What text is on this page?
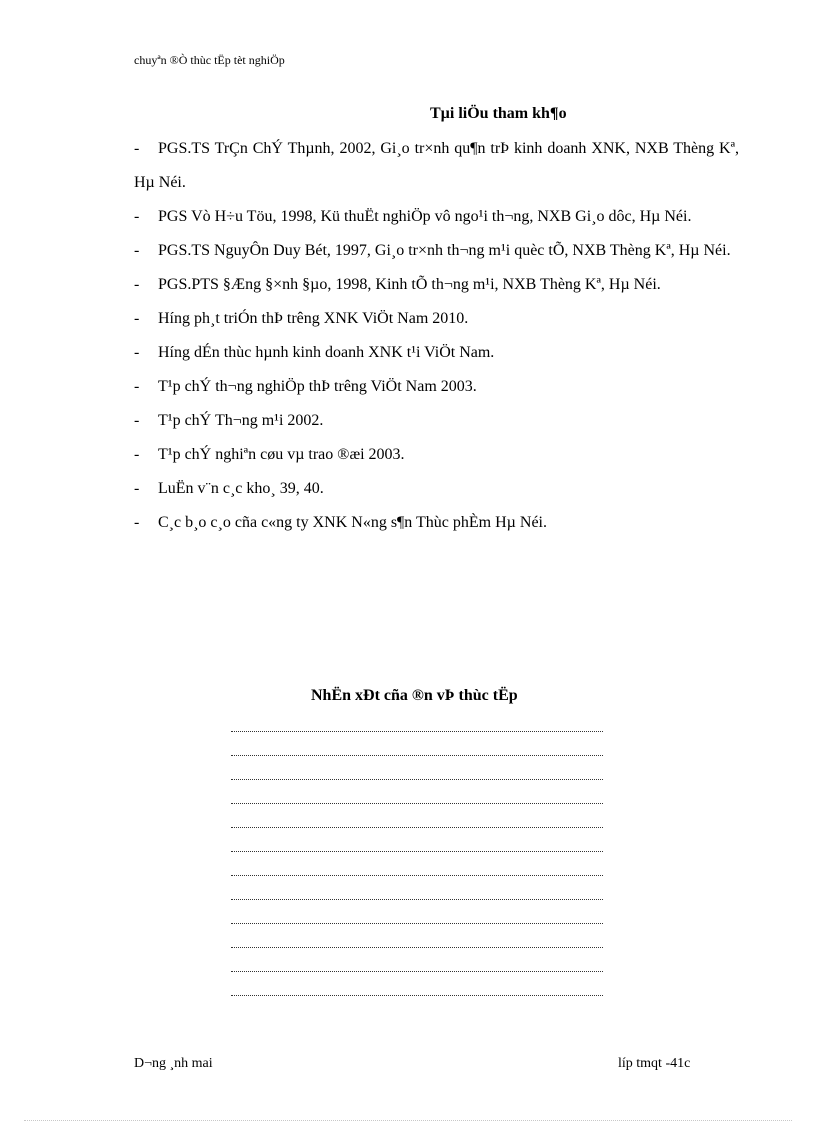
chuyªn ®Ò thùc tËp tèt nghiÖp
Tµi liÖu tham kh¶o
- PGS.TS TrÇn ChÝ Thµnh, 2002, Gi¸o tr×nh qu¶n trÞ kinh doanh XNK, NXB Thèng Kª, Hµ Néi.
- PGS Vò H÷u Töu, 1998, Kü thuËt nghiÖp vô ngo¹i th¬ng, NXB Gi¸o dôc, Hµ Néi.
- PGS.TS NguyÔn Duy Bét, 1997, Gi¸o tr×nh th¬ng m¹i quèc tÕ, NXB Thèng Kª, Hµ Néi.
- PGS.PTS §Æng §×nh §µo, 1998, Kinh tÕ th¬ng m¹i, NXB Thèng Kª, Hµ Néi.
- Híng ph¸t triÓn thÞ trêng XNK ViÖt Nam 2010.
- Híng dÉn thùc hµnh kinh doanh XNK t¹i ViÖt Nam.
- T¹p chÝ th¬ng nghiÖp thÞ trêng ViÖt Nam 2003.
- T¹p chÝ Th¬ng m¹i 2002.
- T¹p chÝ nghiªn cøu vµ trao ®æi 2003.
- LuËn v¨n c¸c kho¸ 39, 40.
- C¸c b¸o c¸o cña c«ng ty XNK N«ng s¶n Thùc phÈm Hµ Néi.
NhËn xÐt cña ®n vÞ thùc tËp
D¬ng ¸nh mai	líp tmqt -41c
